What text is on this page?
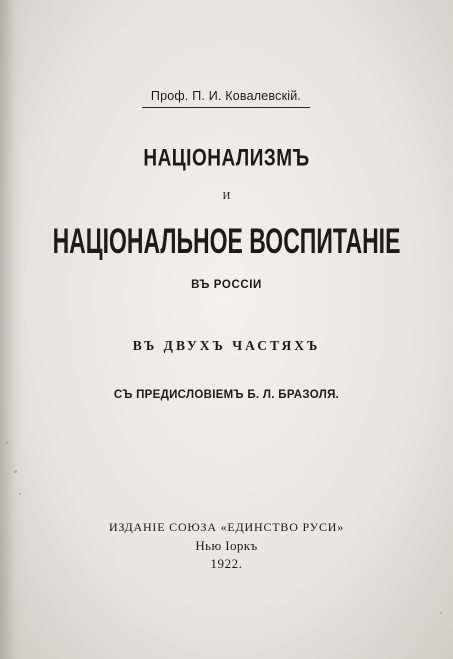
Проф. П. И. Ковалевскій.
НАЦІОНАЛИЗМЪ
И
НАЦІОНАЛЬНОЕ ВОСПИТАНІЕ
ВЪ РОССІИ
ВЪ ДВУХЪ ЧАСТЯХЪ
СЪ ПРЕДИСЛОВІЕМЪ Б. Л. БРАЗОЛЯ.
ИЗДАНІЕ СОЮЗА «ЕДИНСТВО РУСИ»
Нью Іоркъ
1922.
